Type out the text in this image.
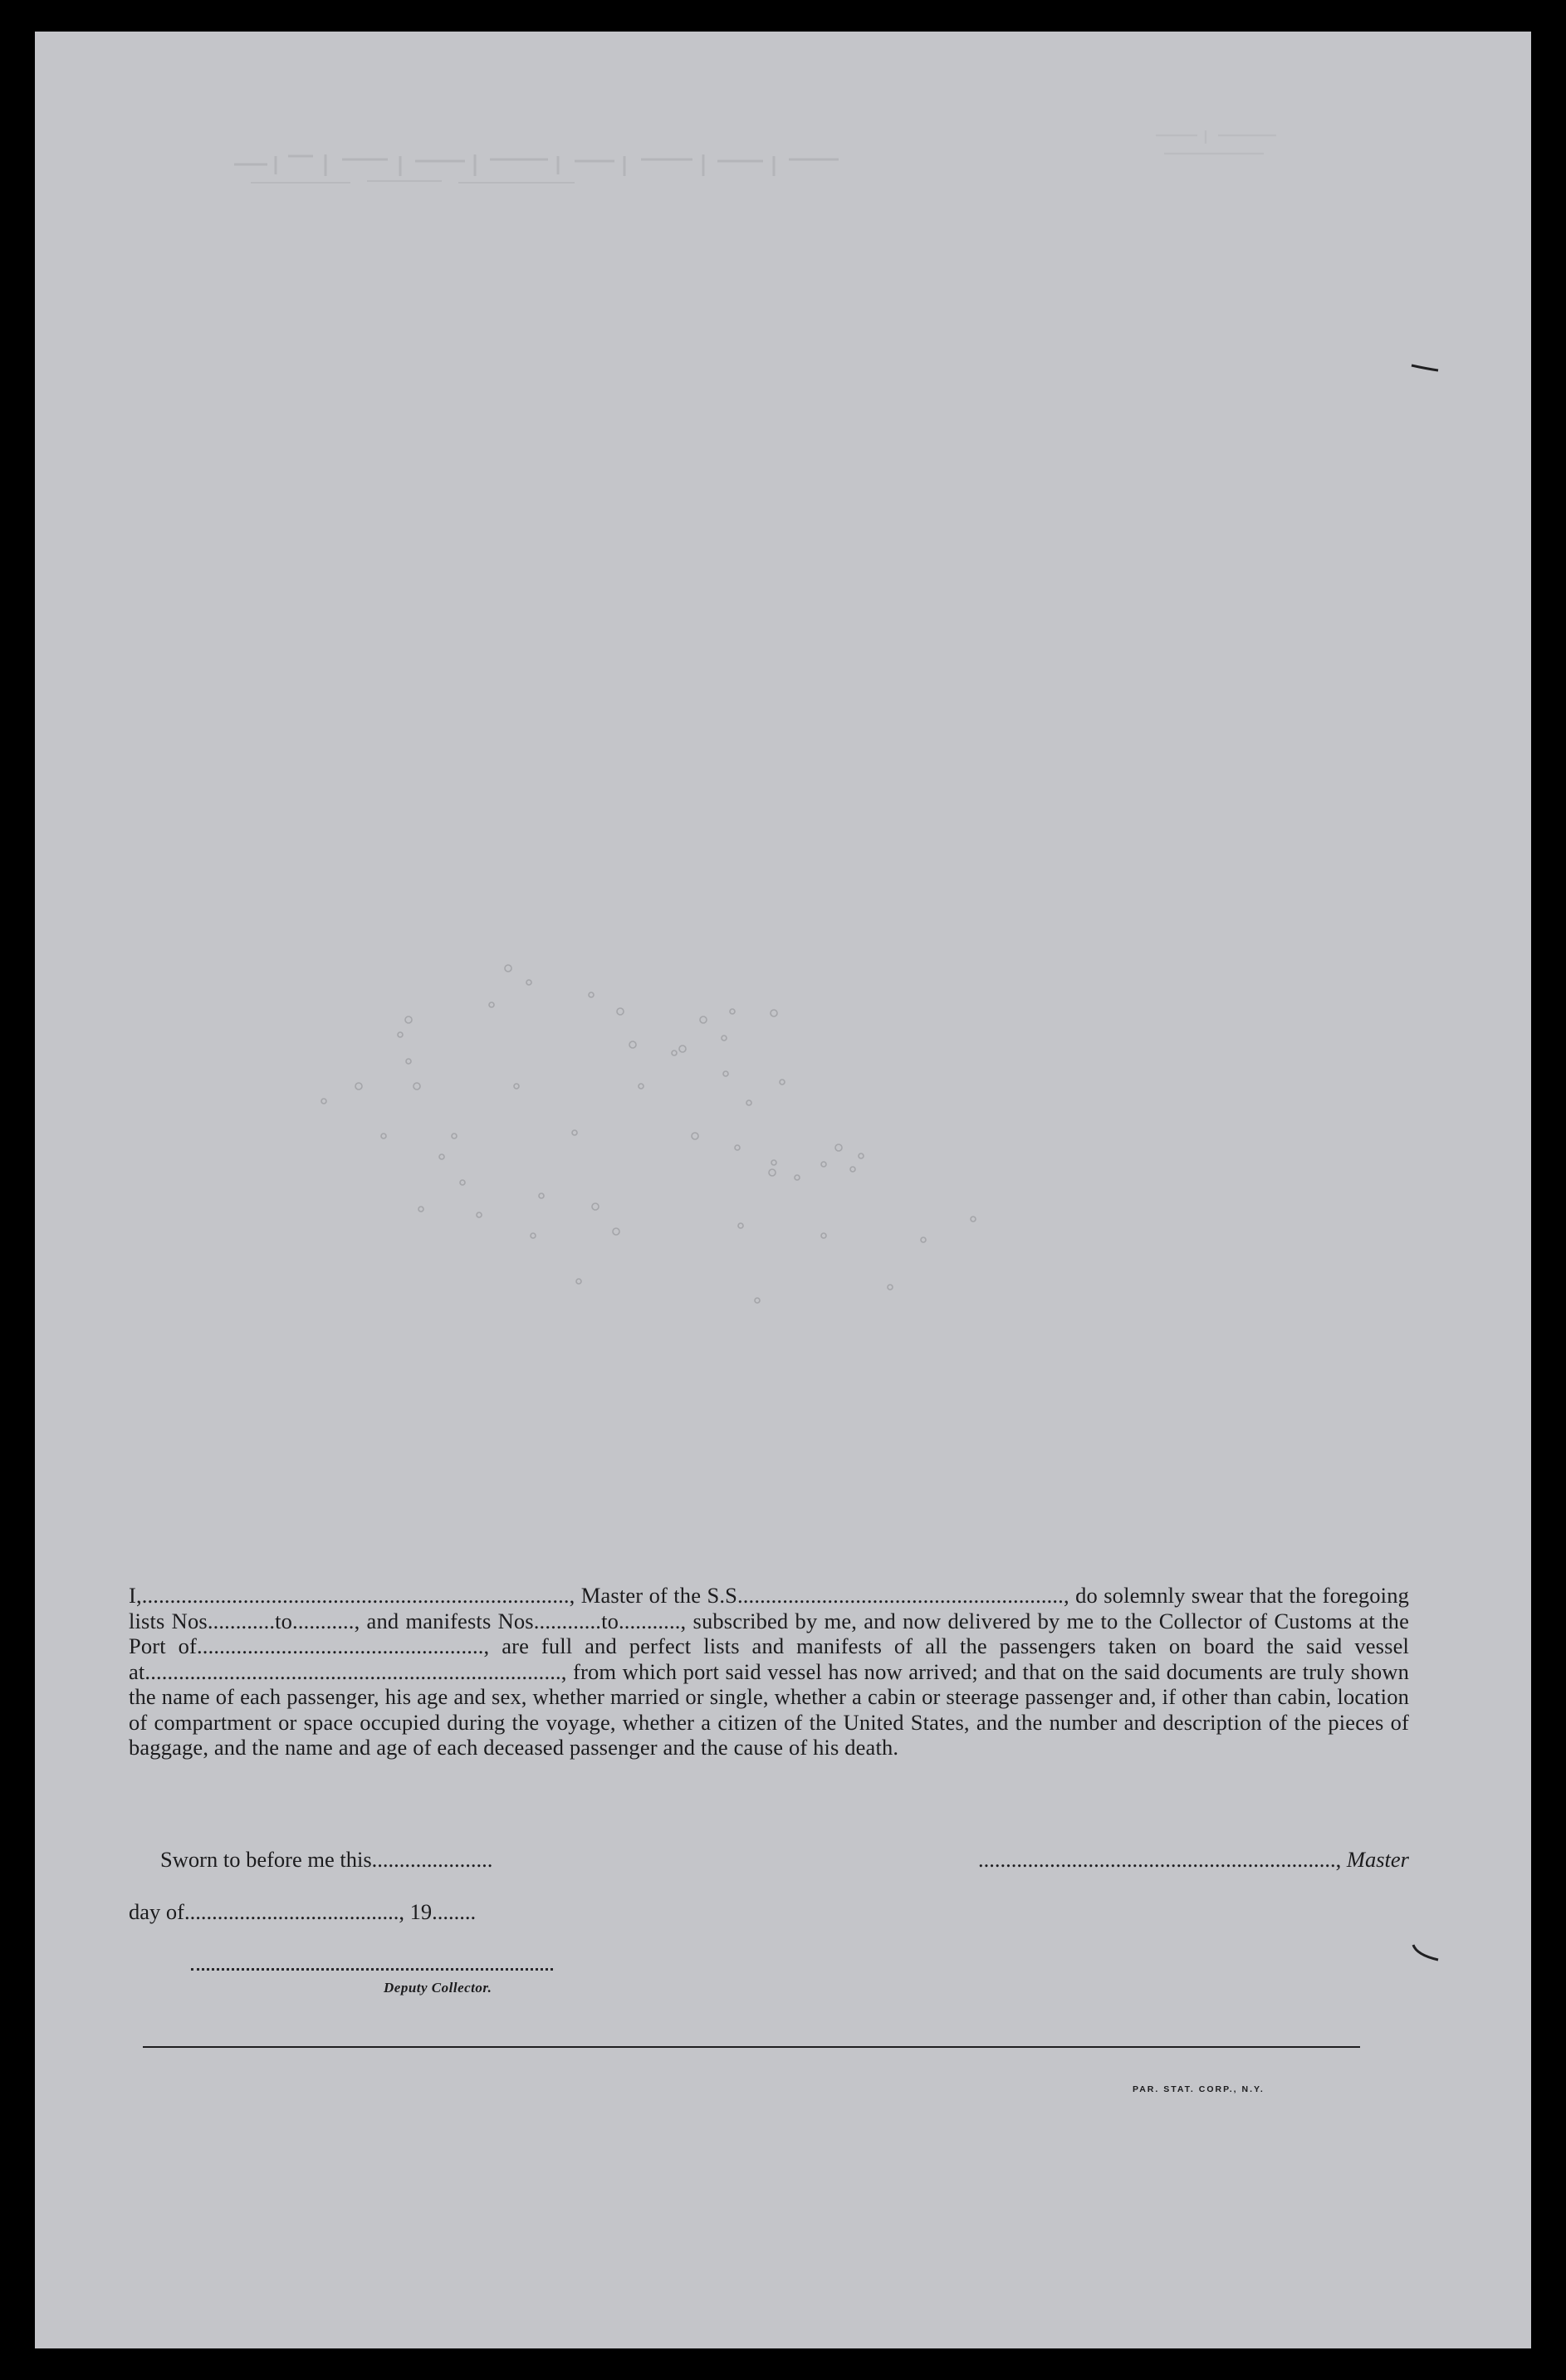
I,............................................................................, Master of the S.S.........................................................., do solemnly swear that the foregoing lists Nos............to..........., and manifests Nos............to..........., subscribed by me, and now delivered by me to the Collector of Customs at the Port of..................................................., are full and perfect lists and manifests of all the passengers taken on board the said vessel at.........................................................................., from which port said vessel has now arrived; and that on the said documents are truly shown the name of each passenger, his age and sex, whether married or single, whether a cabin or steerage passenger and, if other than cabin, location of compartment or space occupied during the voyage, whether a citizen of the United States, and the number and description of the pieces of baggage, and the name and age of each deceased passenger and the cause of his death.

Sworn to before me this......................
day of......................................., 19........
Deputy Collector.
................................................................., Master
PAR. STAT. CORP., N.Y.
